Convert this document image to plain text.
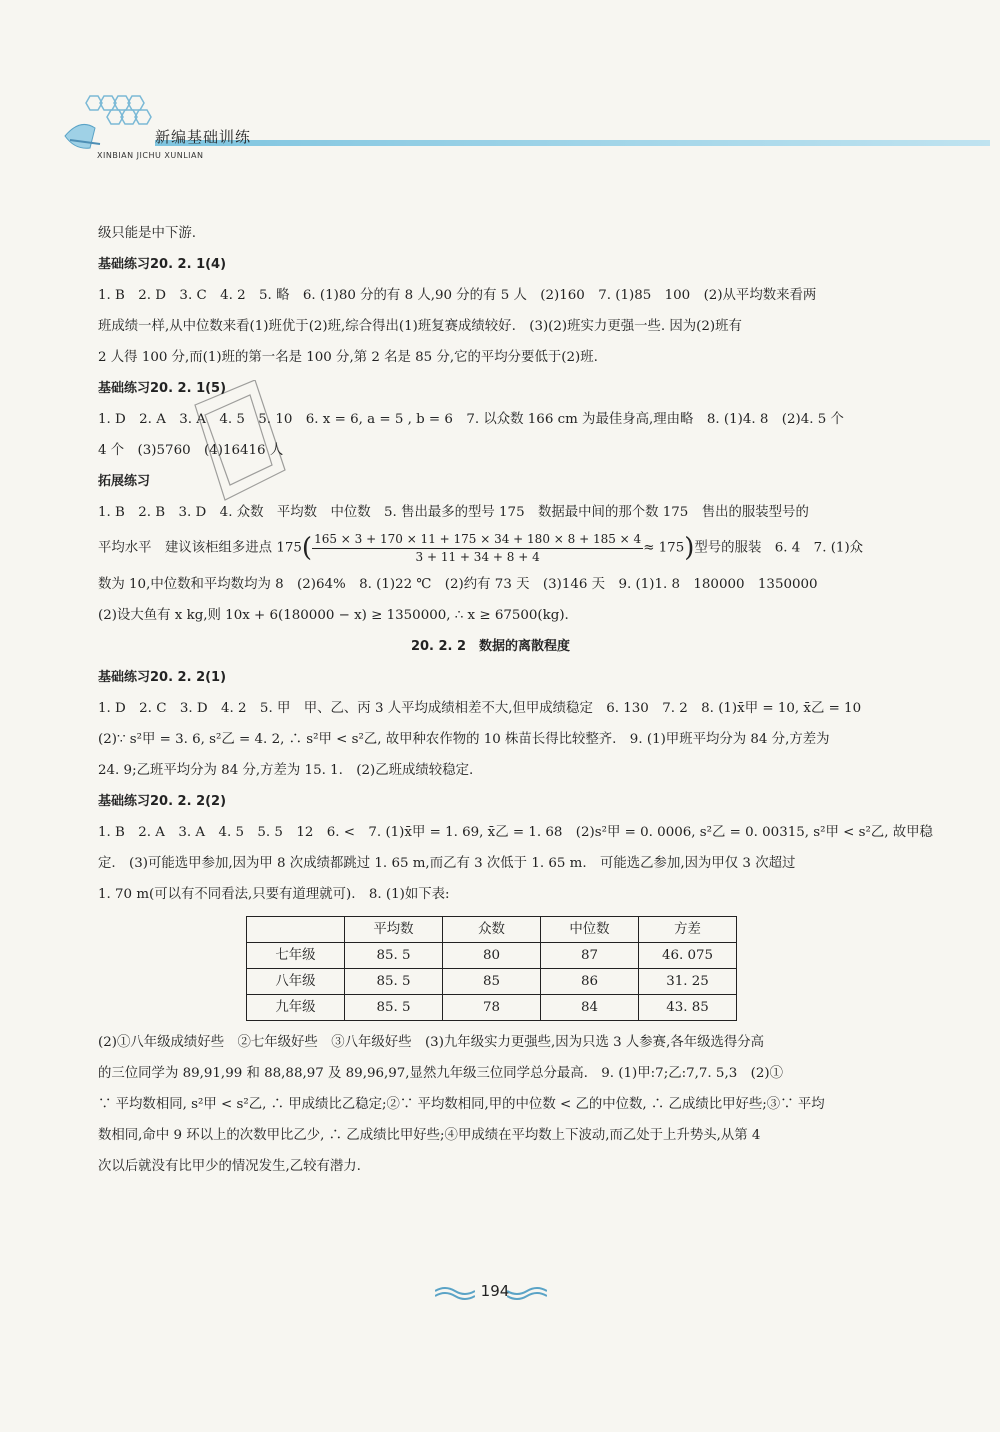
新编基础训练
XINBIAN JICHU XUNLIAN
级只能是中下游.
基础练习20. 2. 1(4)
1. B　2. D　3. C　4. 2　5. 略　6. (1)80 分的有 8 人,90 分的有 5 人　(2)160　7. (1)85　100　(2)从平均数来看两
班成绩一样,从中位数来看(1)班优于(2)班,综合得出(1)班复赛成绩较好.　(3)(2)班实力更强一些. 因为(2)班有
2 人得 100 分,而(1)班的第一名是 100 分,第 2 名是 85 分,它的平均分要低于(2)班.
基础练习20. 2. 1(5)
1. D　2. A　3. A　4. 5　5. 10　6. x = 6, a = 5 , b = 6　7. 以众数 166 cm 为最佳身高,理由略　8. (1)4. 8　(2)4. 5 个
4 个　(3)5760　(4)16416 人
拓展练习
1. B　2. B　3. D　4. 众数　平均数　中位数　5. 售出最多的型号 175　数据最中间的那个数 175　售出的服装型号的
平均水平　建议该柜组多进点 $175( \frac{165 \times 3 + 170 \times 11 + 175 \times 34 + 180 \times 8 + 185 \times 4}{3 + 11 + 34 + 8 + 4} \approx 175)$型号的服装　6. 4　7. (1)众
数为 10,中位数和平均数均为 8　(2)64%　8. (1)22 ℃　(2)约有 73 天　(3)146 天　9. (1)1. 8　180000　1350000
(2)设大鱼有 x kg,则 10x + 6(180000 − x) ≥ 1350000, ∴ x ≥ 67500(kg).
20. 2. 2　数据的离散程度
基础练习20. 2. 2(1)
1. D　2. C　3. D　4. 2　5. 甲　甲、乙、丙 3 人平均成绩相差不大,但甲成绩稳定　6. 130　7. 2　8. (1)x̄甲 = 10, x̄乙 = 10
(2)∵ s²甲 = 3. 6, s²乙 = 4. 2, ∴ s²甲 < s²乙, 故甲种农作物的 10 株苗长得比较整齐.　9. (1)甲班平均分为 84 分,方差为
24. 9;乙班平均分为 84 分,方差为 15. 1.　(2)乙班成绩较稳定.
基础练习20. 2. 2(2)
1. B　2. A　3. A　4. 5　5. 5　12　6. <　7. (1)x̄甲 = 1. 69, x̄乙 = 1. 68　(2)s²甲 = 0. 0006, s²乙 = 0. 00315, s²甲 < s²乙, 故甲稳
定.　(3)可能选甲参加,因为甲 8 次成绩都跳过 1. 65 m,而乙有 3 次低于 1. 65 m.　可能选乙参加,因为甲仅 3 次超过
1. 70 m(可以有不同看法,只要有道理就可).　8. (1)如下表:
	平均数	众数	中位数	方差
七年级	85. 5	80	87	46. 075
八年级	85. 5	85	86	31. 25
九年级	85. 5	78	84	43. 85
(2)①八年级成绩好些　②七年级好些　③八年级好些　(3)九年级实力更强些,因为只选 3 人参赛,各年级选得分高
的三位同学为 89,91,99 和 88,88,97 及 89,96,97,显然九年级三位同学总分最高.　9. (1)甲:7;乙:7,7. 5,3　(2)①
∵ 平均数相同, s²甲 < s²乙, ∴ 甲成绩比乙稳定;②∵ 平均数相同,甲的中位数 < 乙的中位数, ∴ 乙成绩比甲好些;③∵ 平均
数相同,命中 9 环以上的次数甲比乙少, ∴ 乙成绩比甲好些;④甲成绩在平均数上下波动,而乙处于上升势头,从第 4
次以后就没有比甲少的情况发生,乙较有潜力.
194
